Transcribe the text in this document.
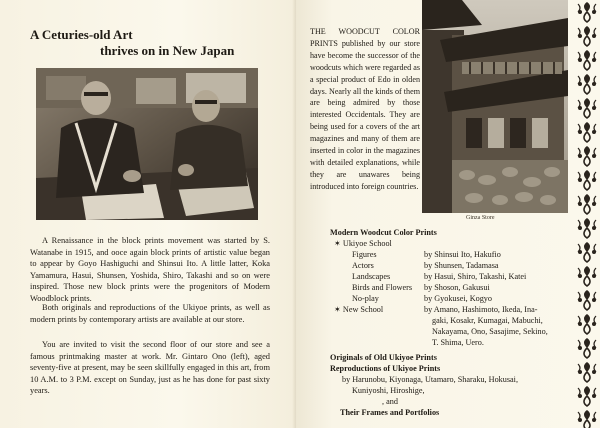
A Ceturies-old Art
thrives on in New Japan

A Renaissance in the block prints movement was started by S. Watanabe in 1915, and oоce again block prints of artistic value began to appear by Goyo Hashiguchi and Shinsui Ito. A little latter, Koka Yamamura, Hasui, Shunsen, Yoshida, Shiro, Takashi and so on were inspired. Those new block prints were the progenitors of Modern Woodblock prints.

Both originals and reproductions of the Ukiyoe prints, as well as modern prints by contemporary artists are available at our store.

You are invited to visit the second floor of our store and see a famous printmaking master at work. Mr. Gintaro Ono (left), aged seventy-five at present, may be seen skillfully engaged in this art, from 10 A.M. to 3 P.M. except on Sunday, just as he has done for past sixty years.

THE WOODCUT COLOR PRINTS published by our store have become the successor of the woodcuts which were regarded as a special product of Edo in olden days. Nearly all the kinds of them are being admired by those interested Occidentals. They are being used for a covers of the art magazines and many of them are inserted in color in the magazines with detailed explanations, while they are unawares being introduced into foreign countries.
Ginza Store
Modern Woodcut Color Prints
✶ Ukiyoe School
Figures	by Shinsui Ito, Hakufio
Actors	by Shunsen, Tadamasa
Landscapes	by Hasui, Shiro, Takashi, Katei
Birds and Flowers by Shoson, Gakusui
No-play	by Gyokusei, Kogyo
✶ New School	by Amano, Hashimoto, Ikeda, Ina-
gaki, Kosakr, Kumagai, Mabuchi,
Nakayama, Ono, Sasajime, Sekino,
T. Shima, Uero.
Originals of Old Ukiyoe Prints
Reproductions of Ukiyoe Prints
by Harunobu, Kiyonaga, Utamaro, Sharaku, Hokusai,
Kuniyoshi, Hiroshige,
, and
Their Frames and Portfolios
